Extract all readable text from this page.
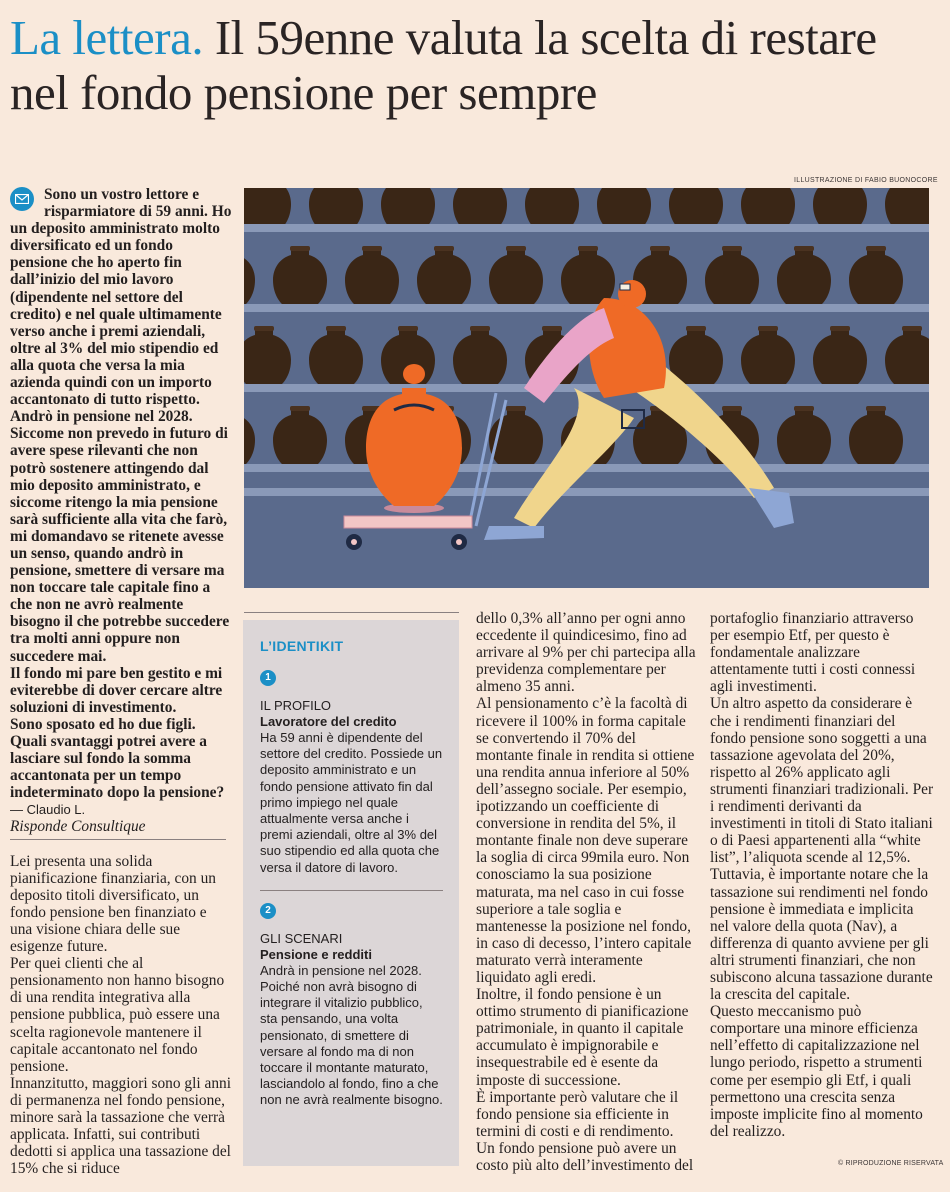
La lettera. Il 59enne valuta la scelta di restare nel fondo pensione per sempre

Sono un vostro lettore e risparmiatore di 59 anni. Ho un deposito amministrato molto diversificato ed un fondo pensione che ho aperto fin dall’inizio del mio lavoro (dipendente nel settore del credito) e nel quale ultimamente verso anche i premi aziendali, oltre al 3% del mio stipendio ed alla quota che versa la mia azienda quindi con un importo accantonato di tutto rispetto. Andrò in pensione nel 2028. Siccome non prevedo in futuro di avere spese rilevanti che non potrò sostenere attingendo dal mio deposito amministrato, e siccome ritengo la mia pensione sarà sufficiente alla vita che farò, mi domandavo se ritenete avesse un senso, quando andrò in pensione, smettere di versare ma non toccare tale capitale fino a che non ne avrò realmente bisogno il che potrebbe succedere tra molti anni oppure non succedere mai.

Il fondo mi pare ben gestito e mi eviterebbe di dover cercare altre soluzioni di investimento.

Sono sposato ed ho due figli. Quali svantaggi potrei avere a lasciare sul fondo la somma accantonata per un tempo indeterminato dopo la pensione?

— Claudio L.

Risponde Consultique

Lei presenta una solida pianificazione finanziaria, con un deposito titoli diversificato, un fondo pensione ben finanziato e una visione chiara delle sue esigenze future.

Per quei clienti che al pensionamento non hanno bisogno di una rendita integrativa alla pensione pubblica, può essere una scelta ragionevole mantenere il capitale accantonato nel fondo pensione.

Innanzitutto, maggiori sono gli anni di permanenza nel fondo pensione, minore sarà la tassazione che verrà applicata. Infatti, sui contributi dedotti si applica una tassazione del 15% che si riduce

ILLUSTRAZIONE DI FABIO BUONOCORE
L’IDENTIKIT
1
IL PROFILO
Lavoratore del credito
Ha 59 anni è dipendente del settore del credito. Possiede un deposito amministrato e un fondo pensione attivato fin dal primo impiego nel quale attualmente versa anche i premi aziendali, oltre al 3% del suo stipendio ed alla quota che versa il datore di lavoro.
2
GLI SCENARI
Pensione e redditi
Andrà in pensione nel 2028. Poiché non avrà bisogno di integrare il vitalizio pubblico, sta pensando, una volta pensionato, di smettere di versare al fondo ma di non toccare il montante maturato, lasciandolo al fondo, fino a che non ne avrà realmente bisogno.

dello 0,3% all’anno per ogni anno eccedente il quindicesimo, fino ad arrivare al 9% per chi partecipa alla previdenza complementare per almeno 35 anni.

Al pensionamento c’è la facoltà di ricevere il 100% in forma capitale se convertendo il 70% del montante finale in rendita si ottiene una rendita annua inferiore al 50% dell’assegno sociale. Per esempio, ipotizzando un coefficiente di conversione in rendita del 5%, il montante finale non deve superare la soglia di circa 99mila euro. Non conosciamo la sua posizione maturata, ma nel caso in cui fosse superiore a tale soglia e mantenesse la posizione nel fondo, in caso di decesso, l’intero capitale maturato verrà interamente liquidato agli eredi.

Inoltre, il fondo pensione è un ottimo strumento di pianificazione patrimoniale, in quanto il capitale accumulato è impignorabile e insequestrabile ed è esente da imposte di successione.

È importante però valutare che il fondo pensione sia efficiente in termini di costi e di rendimento. Un fondo pensione può avere un costo più alto dell’investimento del

portafoglio finanziario attraverso per esempio Etf, per questo è fondamentale analizzare attentamente tutti i costi connessi agli investimenti.

Un altro aspetto da considerare è che i rendimenti finanziari del fondo pensione sono soggetti a una tassazione agevolata del 20%, rispetto al 26% applicato agli strumenti finanziari tradizionali. Per i rendimenti derivanti da investimenti in titoli di Stato italiani o di Paesi appartenenti alla “white list”, l’aliquota scende al 12,5%. Tuttavia, è importante notare che la tassazione sui rendimenti nel fondo pensione è immediata e implicita nel valore della quota (Nav), a differenza di quanto avviene per gli altri strumenti finanziari, che non subiscono alcuna tassazione durante la crescita del capitale.

Questo meccanismo può comportare una minore efficienza nell’effetto di capitalizzazione nel lungo periodo, rispetto a strumenti come per esempio gli Etf, i quali permettono una crescita senza imposte implicite fino al momento del realizzo.

© RIPRODUZIONE RISERVATA
